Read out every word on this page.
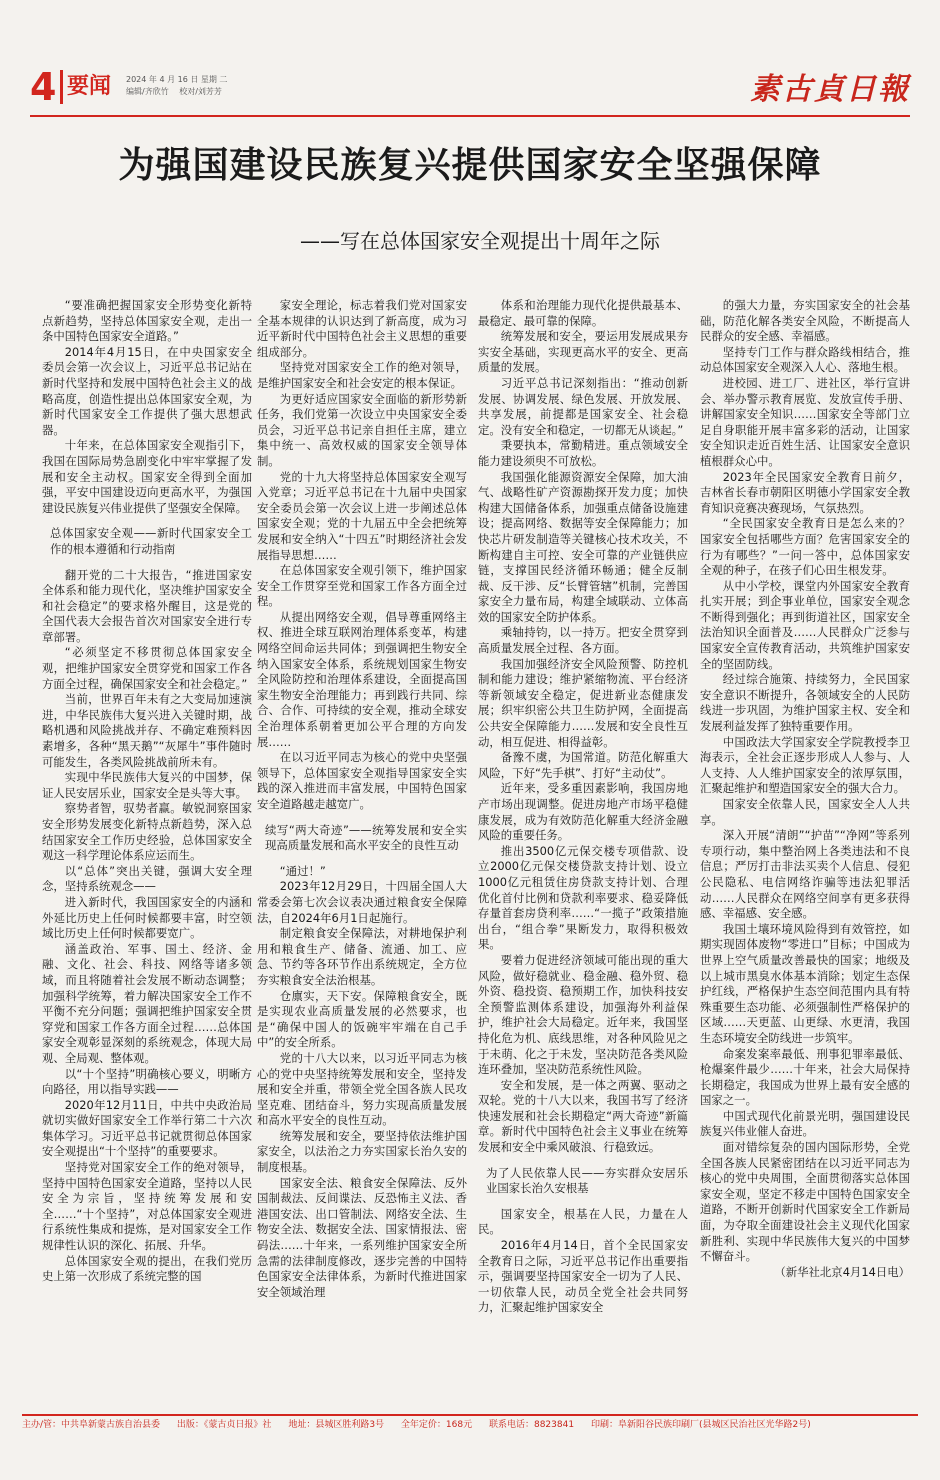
4 要闻 2024 年 4 月 16 日 星期 二
编辑/齐欣竹　 校对/刘芳芳	素古貞日報
为强国建设民族复兴提供国家安全坚强保障
——写在总体国家安全观提出十周年之际

“要准确把握国家安全形势变化新特点新趋势，坚持总体国家安全观，走出一条中国特色国家安全道路。”

2014年4月15日，在中央国家安全委员会第一次会议上，习近平总书记站在新时代坚持和发展中国特色社会主义的战略高度，创造性提出总体国家安全观，为新时代国家安全工作提供了强大思想武器。

十年来，在总体国家安全观指引下，我国在国际局势急剧变化中牢牢掌握了发展和安全主动权。国家安全得到全面加强，平安中国建设迈向更高水平，为强国建设民族复兴伟业提供了坚强安全保障。

总体国家安全观——新时代国家安全工作的根本遵循和行动指南

翻开党的二十大报告，“推进国家安全体系和能力现代化，坚决维护国家安全和社会稳定”的要求格外醒目，这是党的全国代表大会报告首次对国家安全进行专章部署。

“必须坚定不移贯彻总体国家安全观，把维护国家安全贯穿党和国家工作各方面全过程，确保国家安全和社会稳定。”

当前，世界百年未有之大变局加速演进，中华民族伟大复兴进入关键时期，战略机遇和风险挑战并存、不确定难预料因素增多，各种“黑天鹅”“灰犀牛”事件随时可能发生，各类风险挑战前所未有。

实现中华民族伟大复兴的中国梦，保证人民安居乐业，国家安全是头等大事。

察势者智，驭势者赢。敏锐洞察国家安全形势发展变化新特点新趋势，深入总结国家安全工作历史经验，总体国家安全观这一科学理论体系应运而生。

以“总体”突出关键，强调大安全理念，坚持系统观念——

进入新时代，我国国家安全的内涵和外延比历史上任何时候都要丰富，时空领域比历史上任何时候都要宽广。

涵盖政治、军事、国土、经济、金融、文化、社会、科技、网络等诸多领域，而且将随着社会发展不断动态调整；加强科学统筹，着力解决国家安全工作不平衡不充分问题；强调把维护国家安全贯穿党和国家工作各方面全过程……总体国家安全观彰显深刻的系统观念，体现大局观、全局观、整体观。

以“十个坚持”明确核心要义，明晰方向路径，用以指导实践——

2020年12月11日，中共中央政治局就切实做好国家安全工作举行第二十六次集体学习。习近平总书记就贯彻总体国家安全观提出“十个坚持”的重要要求。

坚持党对国家安全工作的绝对领导，坚持中国特色国家安全道路，坚持以人民安全为宗旨，坚持统筹发展和安全……“十个坚持”，对总体国家安全观进行系统性集成和提炼，是对国家安全工作规律性认识的深化、拓展、升华。

总体国家安全观的提出，在我们党历史上第一次形成了系统完整的国

家安全理论，标志着我们党对国家安全基本规律的认识达到了新高度，成为习近平新时代中国特色社会主义思想的重要组成部分。

坚持党对国家安全工作的绝对领导，是维护国家安全和社会安定的根本保证。

为更好适应国家安全面临的新形势新任务，我们党第一次设立中央国家安全委员会，习近平总书记亲自担任主席，建立集中统一、高效权威的国家安全领导体制。

党的十九大将坚持总体国家安全观写入党章；习近平总书记在十九届中央国家安全委员会第一次会议上进一步阐述总体国家安全观；党的十九届五中全会把统筹发展和安全纳入“十四五”时期经济社会发展指导思想……

在总体国家安全观引领下，维护国家安全工作贯穿至党和国家工作各方面全过程。

从提出网络安全观，倡导尊重网络主权、推进全球互联网治理体系变革，构建网络空间命运共同体；到强调把生物安全纳入国家安全体系，系统规划国家生物安全风险防控和治理体系建设，全面提高国家生物安全治理能力；再到践行共同、综合、合作、可持续的安全观，推动全球安全治理体系朝着更加公平合理的方向发展……

在以习近平同志为核心的党中央坚强领导下，总体国家安全观指导国家安全实践的深入推进而丰富发展，中国特色国家安全道路越走越宽广。

续写“两大奇迹”——统筹发展和安全实现高质量发展和高水平安全的良性互动

“通过！”

2023年12月29日，十四届全国人大常委会第七次会议表决通过粮食安全保障法，自2024年6月1日起施行。

制定粮食安全保障法，对耕地保护利用和粮食生产、储备、流通、加工、应急、节约等各环节作出系统规定，全方位夯实粮食安全法治根基。

仓廪实，天下安。保障粮食安全，既是实现农业高质量发展的必然要求，也是“确保中国人的饭碗牢牢端在自己手中”的安全所系。

党的十八大以来，以习近平同志为核心的党中央坚持统筹发展和安全，坚持发展和安全并重，带领全党全国各族人民攻坚克难、团结奋斗，努力实现高质量发展和高水平安全的良性互动。

统筹发展和安全，要坚持依法维护国家安全，以法治之力夯实国家长治久安的制度根基。

国家安全法、粮食安全保障法、反外国制裁法、反间谍法、反恐怖主义法、香港国安法、出口管制法、网络安全法、生物安全法、数据安全法、国家情报法、密码法……十年来，一系列维护国家安全所急需的法律制度修改，逐步完善的中国特色国家安全法律体系，为新时代推进国家安全领域治理

体系和治理能力现代化提供最基本、最稳定、最可靠的保障。

统筹发展和安全，要运用发展成果夯实安全基础，实现更高水平的安全、更高质量的发展。

习近平总书记深刻指出：“推动创新发展、协调发展、绿色发展、开放发展、共享发展，前提都是国家安全、社会稳定。没有安全和稳定，一切都无从谈起。”

秉要执本，常勤精进。重点领域安全能力建设须臾不可放松。

我国强化能源资源安全保障，加大油气、战略性矿产资源勘探开发力度；加快构建大国储备体系，加强重点储备设施建设；提高网络、数据等安全保障能力；加快芯片研发制造等关键核心技术攻关，不断构建自主可控、安全可靠的产业链供应链，支撑国民经济循环畅通；健全反制裁、反干涉、反“长臂管辖”机制，完善国家安全力量布局，构建全域联动、立体高效的国家安全防护体系。

乘轴持钧，以一持万。把安全贯穿到高质量发展全过程、各方面。

我国加强经济安全风险预警、防控机制和能力建设；维护紧缩物流、平台经济等新领域安全稳定，促进新业态健康发展；织牢织密公共卫生防护网，全面提高公共安全保障能力……发展和安全良性互动，相互促进、相得益彰。

备豫不虞，为国常道。防范化解重大风险，下好“先手棋”、打好“主动仗”。

近年来，受多重因素影响，我国房地产市场出现调整。促进房地产市场平稳健康发展，成为有效防范化解重大经济金融风险的重要任务。

推出3500亿元保交楼专项借款、设立2000亿元保交楼贷款支持计划、设立1000亿元租赁住房贷款支持计划、合理优化首付比例和贷款利率要求、稳妥降低存量首套房贷利率……“一揽子”政策措施出台，“组合拳”果断发力，取得积极效果。

要着力促进经济领域可能出现的重大风险，做好稳就业、稳金融、稳外贸、稳外资、稳投资、稳预期工作，加快科技安全预警监测体系建设，加强海外利益保护，维护社会大局稳定。近年来，我国坚持化危为机、底线思维，对各种风险见之于未萌、化之于未发，坚决防范各类风险连环叠加，坚决防范系统性风险。

安全和发展，是一体之两翼、驱动之双轮。党的十八大以来，我国书写了经济快速发展和社会长期稳定“两大奇迹”新篇章。新时代中国特色社会主义事业在统筹发展和安全中乘风破浪、行稳致远。

为了人民依靠人民——夯实群众安居乐业国家长治久安根基

国家安全，根基在人民，力量在人民。

2016年4月14日，首个全民国家安全教育日之际，习近平总书记作出重要指示，强调要坚持国家安全一切为了人民、一切依靠人民，动员全党全社会共同努力，汇聚起维护国家安全

的强大力量，夯实国家安全的社会基础，防范化解各类安全风险，不断提高人民群众的安全感、幸福感。

坚持专门工作与群众路线相结合，推动总体国家安全观深入人心、落地生根。

进校园、进工厂、进社区，举行宣讲会、举办警示教育展览、发放宣传手册、讲解国家安全知识……国家安全等部门立足自身职能开展丰富多彩的活动，让国家安全知识走近百姓生活、让国家安全意识植根群众心中。

2023年全民国家安全教育日前夕，吉林省长春市朝阳区明德小学国家安全教育知识竞赛决赛现场，气氛热烈。

“全民国家安全教育日是怎么来的？国家安全包括哪些方面？危害国家安全的行为有哪些？”一问一答中，总体国家安全观的种子，在孩子们心田生根发芽。

从中小学校，课堂内外国家安全教育扎实开展；到企事业单位，国家安全观念不断得到强化；再到街道社区，国家安全法治知识全面普及……人民群众广泛参与国家安全宣传教育活动，共筑维护国家安全的坚固防线。

经过综合施策、持续努力，全民国家安全意识不断提升，各领域安全的人民防线进一步巩固，为维护国家主权、安全和发展利益发挥了独特重要作用。

中国政法大学国家安全学院教授李卫海表示，全社会正逐步形成人人参与、人人支持、人人维护国家安全的浓厚氛围，汇聚起维护和塑造国家安全的强大合力。

国家安全依靠人民，国家安全人人共享。

深入开展“清朗”“护苗”“净网”等系列专项行动，集中整治网上各类违法和不良信息；严厉打击非法买卖个人信息、侵犯公民隐私、电信网络诈骗等违法犯罪活动……人民群众在网络空间享有更多获得感、幸福感、安全感。

我国土壤环境风险得到有效管控，如期实现固体废物“零进口”目标；中国成为世界上空气质量改善最快的国家；地级及以上城市黑臭水体基本消除；划定生态保护红线，严格保护生态空间范围内具有特殊重要生态功能、必须强制性严格保护的区域……天更蓝、山更绿、水更清，我国生态环境安全防线进一步筑牢。

命案发案率最低、刑事犯罪率最低、枪爆案件最少……十年来，社会大局保持长期稳定，我国成为世界上最有安全感的国家之一。

中国式现代化前景光明，强国建设民族复兴伟业催人奋进。

面对错综复杂的国内国际形势，全党全国各族人民紧密团结在以习近平同志为核心的党中央周围，全面贯彻落实总体国家安全观，坚定不移走中国特色国家安全道路，不断开创新时代国家安全工作新局面，为夺取全面建设社会主义现代化国家新胜利、实现中华民族伟大复兴的中国梦不懈奋斗。

（新华社北京4月14日电）

主办/管：中共阜新蒙古族自治县委 出版：《蒙古贞日报》社 地址：县城区胜利路3号 全年定价：168元 联系电话：8823841 印刷：阜新阳谷民族印刷厂(县城区民治社区光华路2号)
